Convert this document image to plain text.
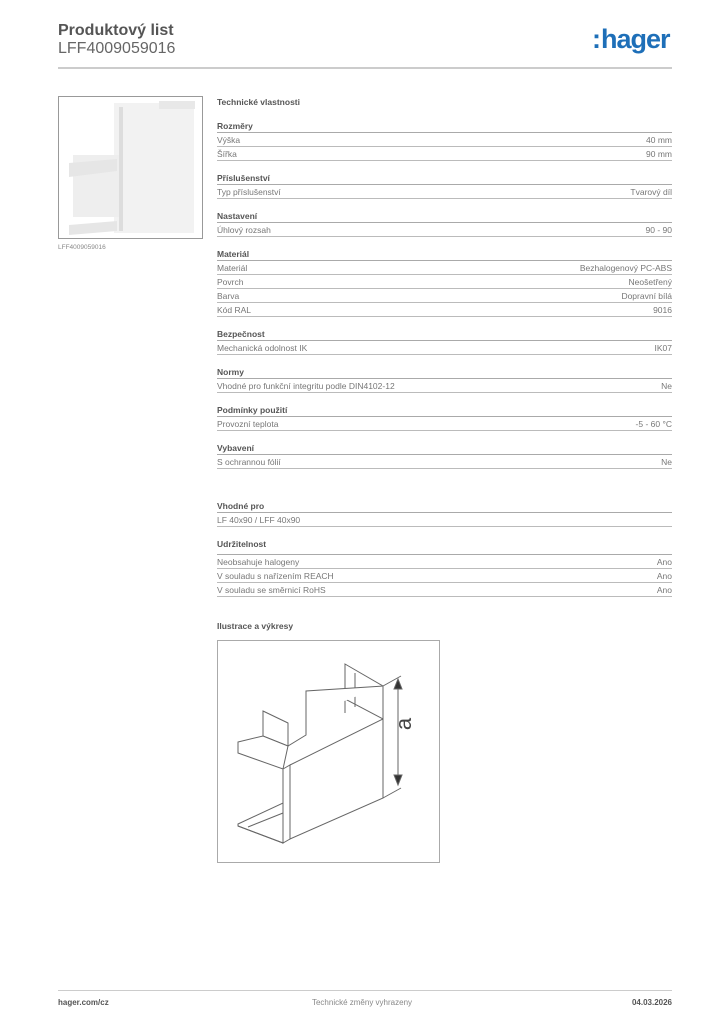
Produktový list
LFF4009059016	:hager
LFF4009059016
Technické vlastnosti
Rozměry
Výška	40 mm
Šířka	90 mm
Příslušenství
Typ příslušenství	Tvarový díl
Nastavení
Úhlový rozsah	90 - 90
Materiál
Materiál	Bezhalogenový PC-ABS
Povrch	Neošetřený
Barva	Dopravní bílá
Kód RAL	9016
Bezpečnost
Mechanická odolnost IK	IK07
Normy
Vhodné pro funkční integritu podle DIN4102-12	Ne
Podmínky použití
Provozní teplota	-5 - 60 °C
Vybavení
S ochrannou fólií	Ne
Vhodné pro
LF 40x90 / LFF 40x90
Udržitelnost
Neobsahuje halogeny	Ano
V souladu s nařízením REACH	Ano
V souladu se směrnicí RoHS	Ano
Ilustrace a výkresy
a
hager.com/cz	Technické změny vyhrazeny	04.03.2026
